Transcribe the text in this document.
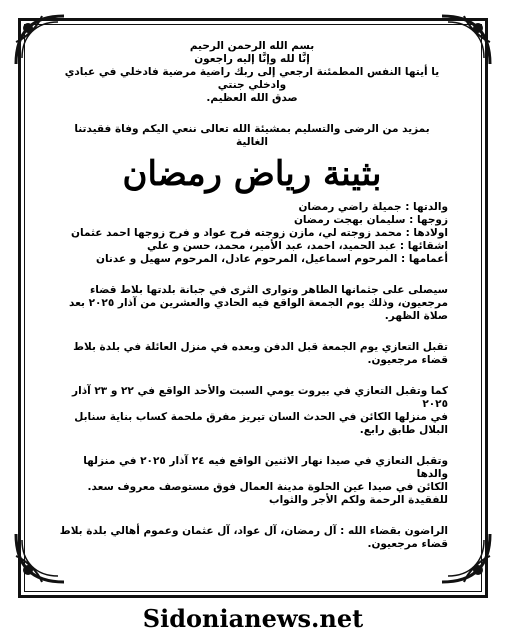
بسم الله الرحمن الرحيم
إنَّا لله وإنَّا إليه راجعون
يا أيتها النفس المطمئنة ارجعي إلى ربك راضية مرضية فادخلي في عبادي
وادخلي جنتي
صدق الله العظيم.
بمزيد من الرضى والتسليم بمشيئة الله تعالى ننعي اليكم وفاة فقيدتنا
الغالية
بثينة رياض رمضان
والدتها : جميلة راضي رمضان
زوجها : سليمان بهجت رمضان
اولادها : محمد زوجته لي، مازن زوجته فرح عواد و فرح زوجها احمد عثمان
اشقائها : عبد الحميد، احمد، عبد الأمير، محمد، حسن و علي
أعمامها : المرحوم اسماعيل، المرحوم عادل، المرحوم سهيل و عدنان
سيصلى على جثمانها الطاهر وتوارى الثرى في جبانة بلدتها بلاط قضاء
مرجعيون، وذلك يوم الجمعة الواقع فيه الحادي والعشرين من آذار ٢٠٢٥ بعد
صلاة الظهر.
تقبل التعازي يوم الجمعة قبل الدفن وبعده في منزل العائلة في بلدة بلاط
قضاء مرجعيون.
كما وتقبل التعازي في بيروت يومي السبت والأحد الواقع في ٢٢ و ٢٣ آذار ٢٠٢٥
في منزلها الكائن في الحدث السان تيريز مفرق ملحمة كساب بناية سنابل
البلال طابق رابع.
وتقبل التعازي في صيدا نهار الاثنين الواقع فيه ٢٤ آذار ٢٠٢٥ في منزلها والدها
الكائن في صيدا عين الحلوة مدينة العمال فوق مستوصف معروف سعد.
للفقيدة الرحمة ولكم الأجر والثواب
الراضون بقضاء الله : آل رمضان، آل عواد، آل عثمان وعموم أهالي بلدة بلاط
قضاء مرجعيون.
Sidonianews.net
